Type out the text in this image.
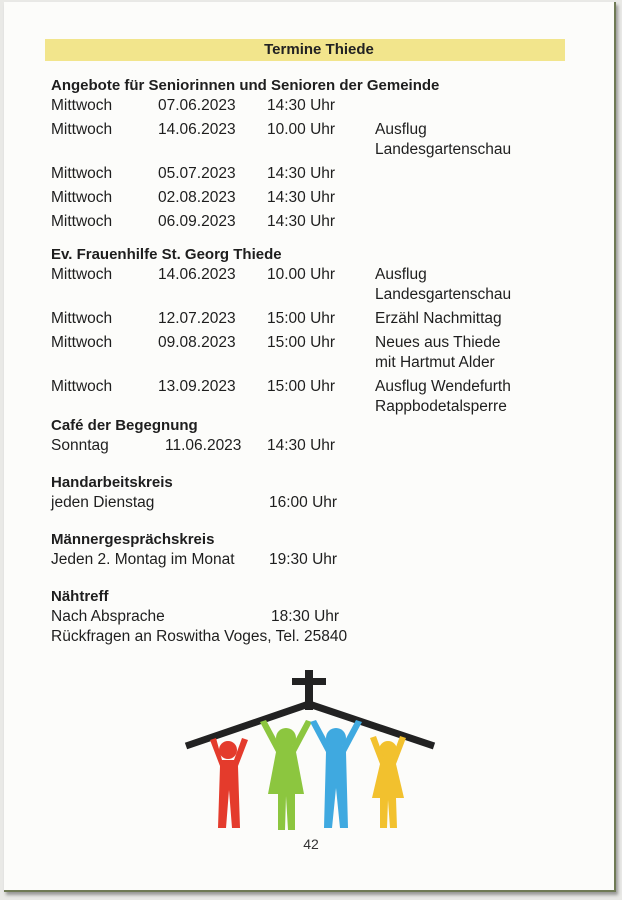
Termine Thiede
Angebote für Seniorinnen und Senioren der Gemeinde
Mittwoch	07.06.2023 14:30 Uhr
Mittwoch	14.06.2023 10.00 Uhr	Ausflug
Landesgartenschau
Mittwoch	05.07.2023 14:30 Uhr
Mittwoch	02.08.2023 14:30 Uhr
Mittwoch	06.09.2023 14:30 Uhr
Ev. Frauenhilfe St. Georg Thiede
Mittwoch	14.06.2023 10.00 Uhr	Ausflug
Landesgartenschau
Mittwoch	12.07.2023 15:00 Uhr	Erzähl Nachmittag
Mittwoch	09.08.2023 15:00 Uhr	Neues aus Thiede
mit Hartmut Alder
Mittwoch	13.09.2023 15:00 Uhr	Ausflug Wendefurth
Rappbodetalsperre
Café der Begegnung
Sonntag	11.06.2023 14:30 Uhr
Handarbeitskreis
jeden Dienstag	16:00 Uhr
Männergesprächskreis
Jeden 2. Montag im Monat 19:30 Uhr
Nähtreff
Nach Absprache	18:30 Uhr
Rückfragen an Roswitha Voges, Tel. 25840
42
